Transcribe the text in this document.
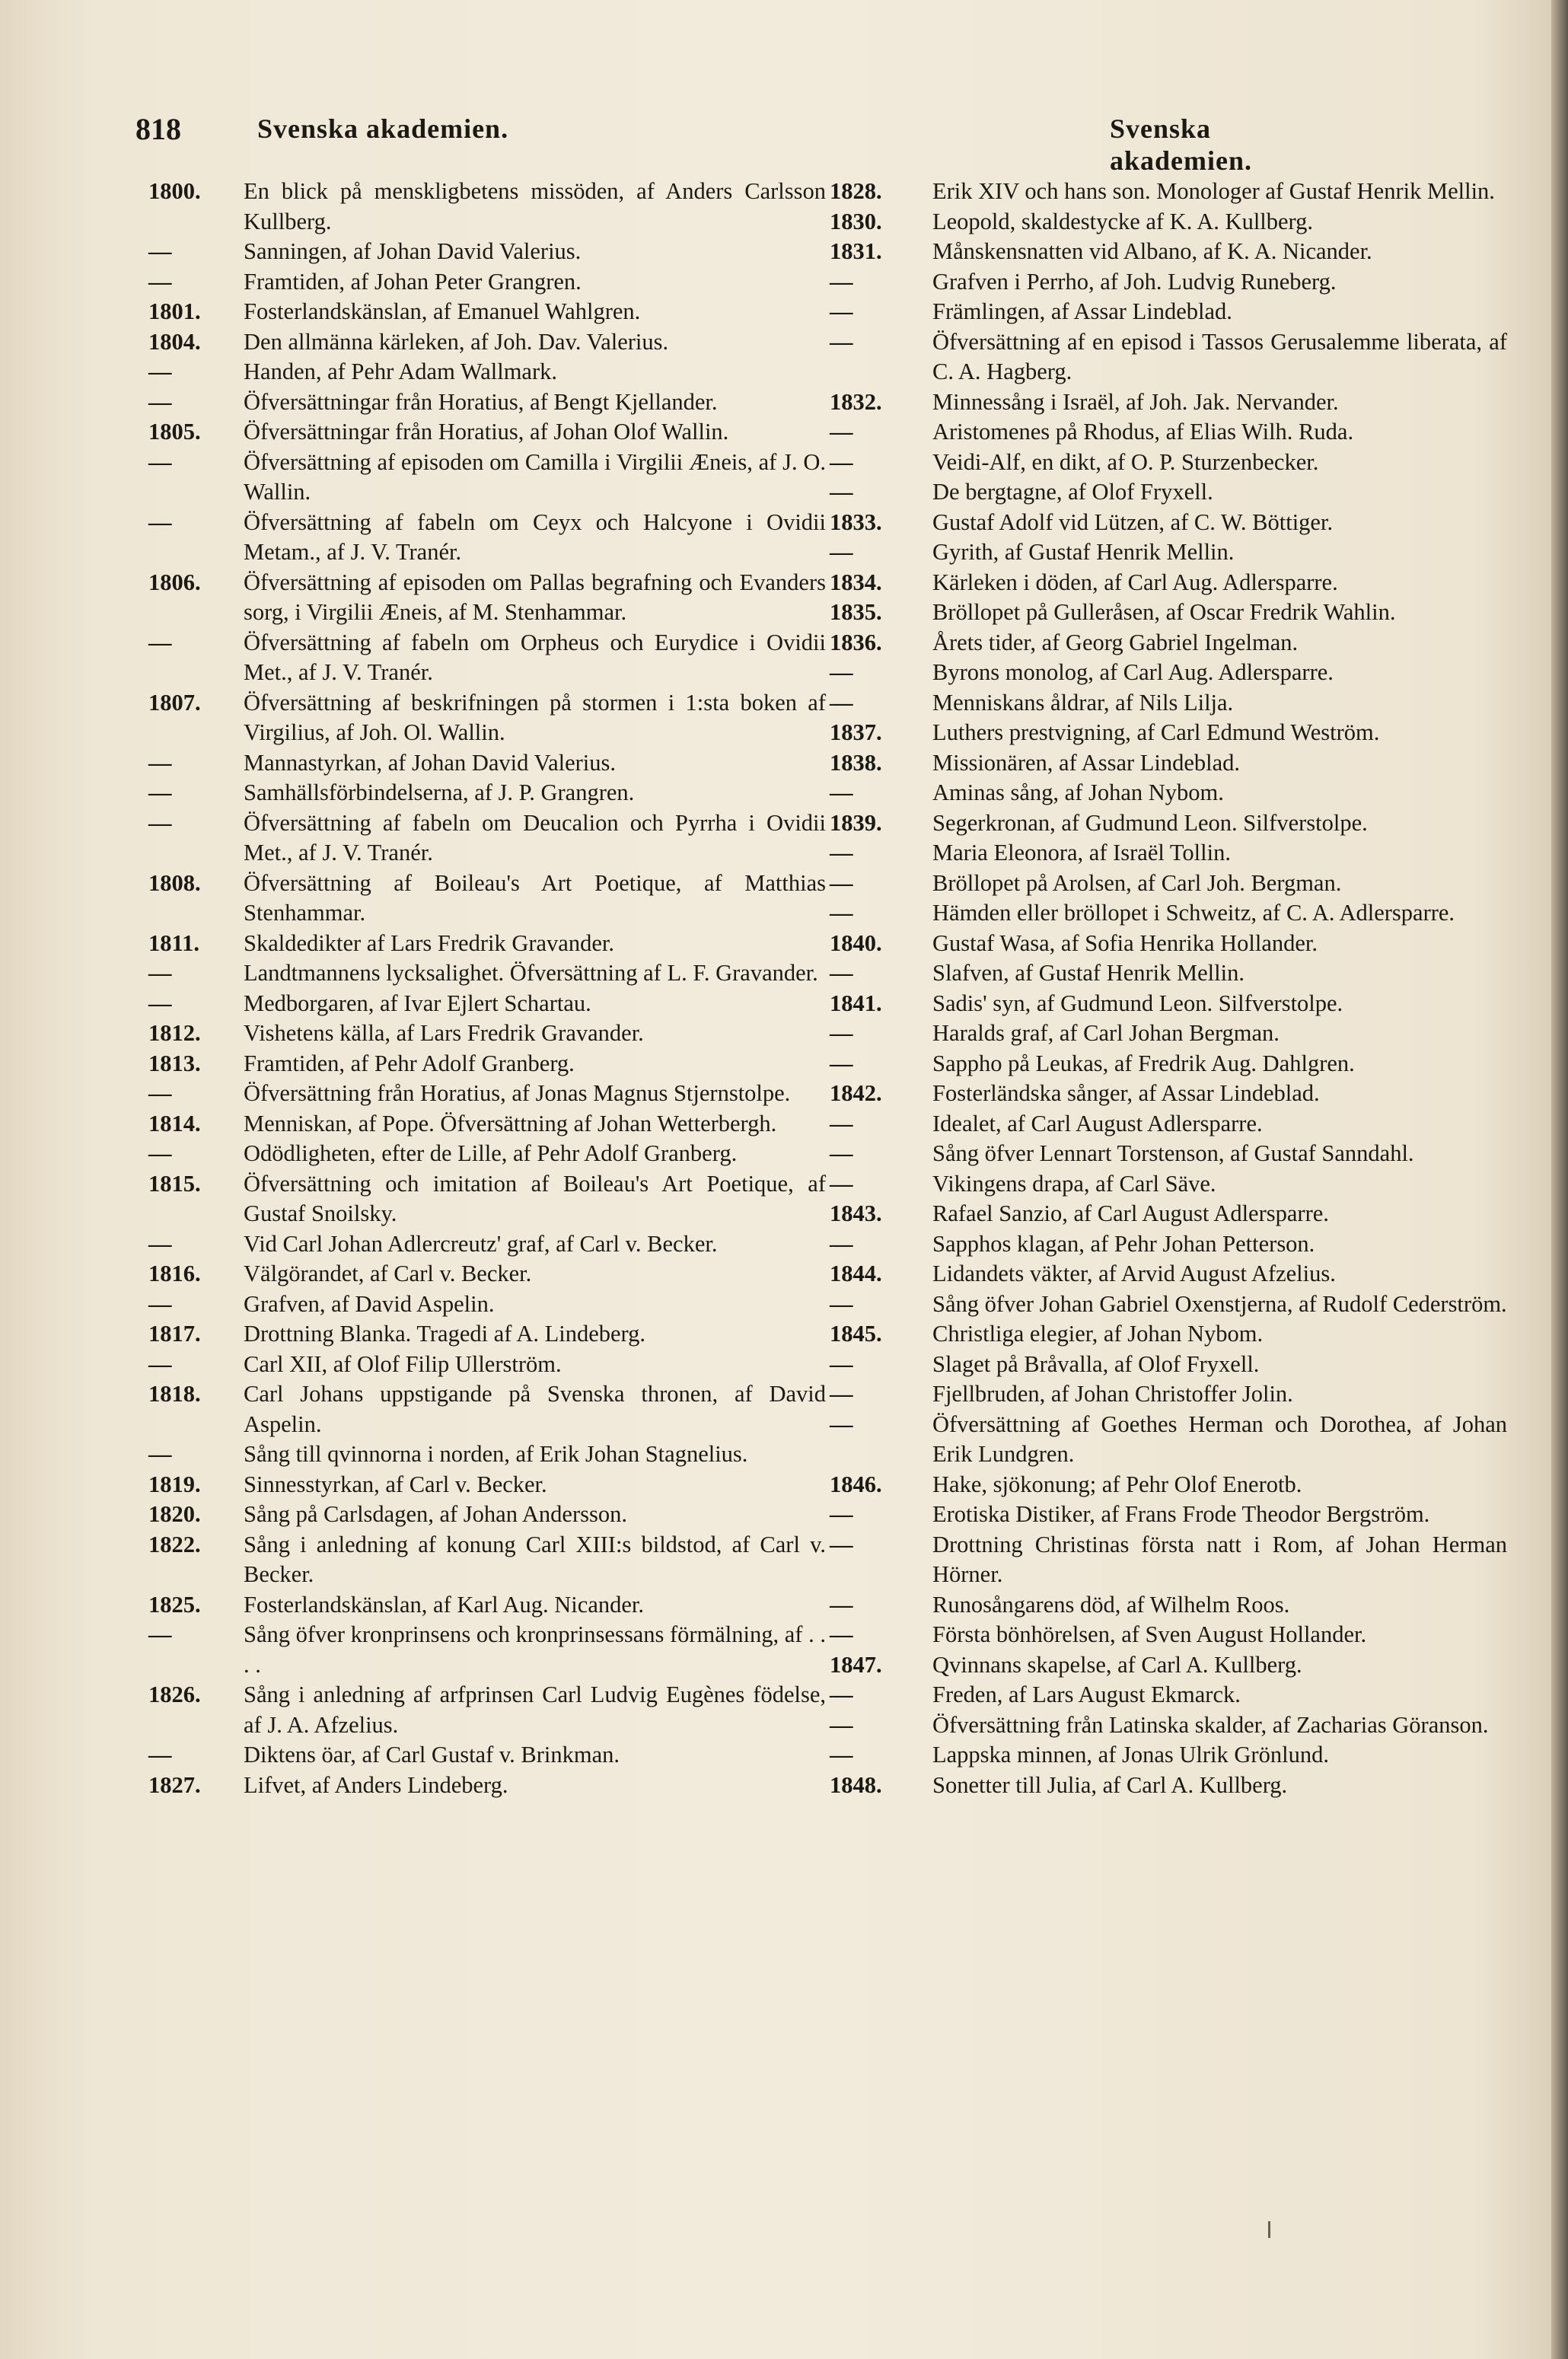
818	Svenska akademien.	Svenska akademien.
1800.	En blick på menskligbetens missöden, af Anders Carlsson Kullberg.
—	Sanningen, af Johan David Valerius.
—	Framtiden, af Johan Peter Grangren.
1801.	Fosterlandskänslan, af Emanuel Wahlgren.
1804.	Den allmänna kärleken, af Joh. Dav. Valerius.
—	Handen, af Pehr Adam Wallmark.
—	Öfversättningar från Horatius, af Bengt Kjellander.
1805.	Öfversättningar från Horatius, af Johan Olof Wallin.
—	Öfversättning af episoden om Camilla i Virgilii Æneis, af J. O. Wallin.
—	Öfversättning af fabeln om Ceyx och Halcyone i Ovidii Metam., af J. V. Tranér.
1806.	Öfversättning af episoden om Pallas begrafning och Evanders sorg, i Virgilii Æneis, af M. Stenhammar.
—	Öfversättning af fabeln om Orpheus och Eurydice i Ovidii Met., af J. V. Tranér.
1807.	Öfversättning af beskrifningen på stormen i 1:sta boken af Virgilius, af Joh. Ol. Wallin.
—	Mannastyrkan, af Johan David Valerius.
—	Samhällsförbindelserna, af J. P. Grangren.
—	Öfversättning af fabeln om Deucalion och Pyrrha i Ovidii Met., af J. V. Tranér.
1808.	Öfversättning af Boileau's Art Poetique, af Matthias Stenhammar.
1811.	Skaldedikter af Lars Fredrik Gravander.
—	Landtmannens lycksalighet. Öfversättning af L. F. Gravander.
—	Medborgaren, af Ivar Ejlert Schartau.
1812.	Vishetens källa, af Lars Fredrik Gravander.
1813.	Framtiden, af Pehr Adolf Granberg.
—	Öfversättning från Horatius, af Jonas Magnus Stjernstolpe.
1814.	Menniskan, af Pope. Öfversättning af Johan Wetterbergh.
—	Odödligheten, efter de Lille, af Pehr Adolf Granberg.
1815.	Öfversättning och imitation af Boileau's Art Poetique, af Gustaf Snoilsky.
—	Vid Carl Johan Adlercreutz' graf, af Carl v. Becker.
1816.	Välgörandet, af Carl v. Becker.
—	Grafven, af David Aspelin.
1817.	Drottning Blanka. Tragedi af A. Lindeberg.
—	Carl XII, af Olof Filip Ullerström.
1818.	Carl Johans uppstigande på Svenska thronen, af David Aspelin.
—	Sång till qvinnorna i norden, af Erik Johan Stagnelius.
1819.	Sinnesstyrkan, af Carl v. Becker.
1820.	Sång på Carlsdagen, af Johan Andersson.
1822.	Sång i anledning af konung Carl XIII:s bildstod, af Carl v. Becker.
1825.	Fosterlandskänslan, af Karl Aug. Nicander.
—	Sång öfver kronprinsens och kronprinsessans förmälning, af . . . .
1826.	Sång i anledning af arfprinsen Carl Ludvig Eugènes födelse, af J. A. Afzelius.
—	Diktens öar, af Carl Gustaf v. Brinkman.
1827.	Lifvet, af Anders Lindeberg.
1828.	Erik XIV och hans son. Monologer af Gustaf Henrik Mellin.
1830.	Leopold, skaldestycke af K. A. Kullberg.
1831.	Månskensnatten vid Albano, af K. A. Nicander.
—	Grafven i Perrho, af Joh. Ludvig Runeberg.
—	Främlingen, af Assar Lindeblad.
—	Öfversättning af en episod i Tassos Gerusalemme liberata, af C. A. Hagberg.
1832.	Minnessång i Israël, af Joh. Jak. Nervander.
—	Aristomenes på Rhodus, af Elias Wilh. Ruda.
—	Veidi-Alf, en dikt, af O. P. Sturzenbecker.
—	De bergtagne, af Olof Fryxell.
1833.	Gustaf Adolf vid Lützen, af C. W. Böttiger.
—	Gyrith, af Gustaf Henrik Mellin.
1834.	Kärleken i döden, af Carl Aug. Adlersparre.
1835.	Bröllopet på Gulleråsen, af Oscar Fredrik Wahlin.
1836.	Årets tider, af Georg Gabriel Ingelman.
—	Byrons monolog, af Carl Aug. Adlersparre.
—	Menniskans åldrar, af Nils Lilja.
1837.	Luthers prestvigning, af Carl Edmund Weström.
1838.	Missionären, af Assar Lindeblad.
—	Aminas sång, af Johan Nybom.
1839.	Segerkronan, af Gudmund Leon. Silfverstolpe.
—	Maria Eleonora, af Israël Tollin.
—	Bröllopet på Arolsen, af Carl Joh. Bergman.
—	Hämden eller bröllopet i Schweitz, af C. A. Adlersparre.
1840.	Gustaf Wasa, af Sofia Henrika Hollander.
—	Slafven, af Gustaf Henrik Mellin.
1841.	Sadis' syn, af Gudmund Leon. Silfverstolpe.
—	Haralds graf, af Carl Johan Bergman.
—	Sappho på Leukas, af Fredrik Aug. Dahlgren.
1842.	Fosterländska sånger, af Assar Lindeblad.
—	Idealet, af Carl August Adlersparre.
—	Sång öfver Lennart Torstenson, af Gustaf Sanndahl.
—	Vikingens drapa, af Carl Säve.
1843.	Rafael Sanzio, af Carl August Adlersparre.
—	Sapphos klagan, af Pehr Johan Petterson.
1844.	Lidandets väkter, af Arvid August Afzelius.
—	Sång öfver Johan Gabriel Oxenstjerna, af Rudolf Cederström.
1845.	Christliga elegier, af Johan Nybom.
—	Slaget på Bråvalla, af Olof Fryxell.
—	Fjellbruden, af Johan Christoffer Jolin.
—	Öfversättning af Goethes Herman och Dorothea, af Johan Erik Lundgren.
1846.	Hake, sjökonung; af Pehr Olof Enerotb.
—	Erotiska Distiker, af Frans Frode Theodor Bergström.
—	Drottning Christinas första natt i Rom, af Johan Herman Hörner.
—	Runosångarens död, af Wilhelm Roos.
—	Första bönhörelsen, af Sven August Hollander.
1847.	Qvinnans skapelse, af Carl A. Kullberg.
—	Freden, af Lars August Ekmarck.
—	Öfversättning från Latinska skalder, af Zacharias Göranson.
—	Lappska minnen, af Jonas Ulrik Grönlund.
1848.	Sonetter till Julia, af Carl A. Kullberg.
